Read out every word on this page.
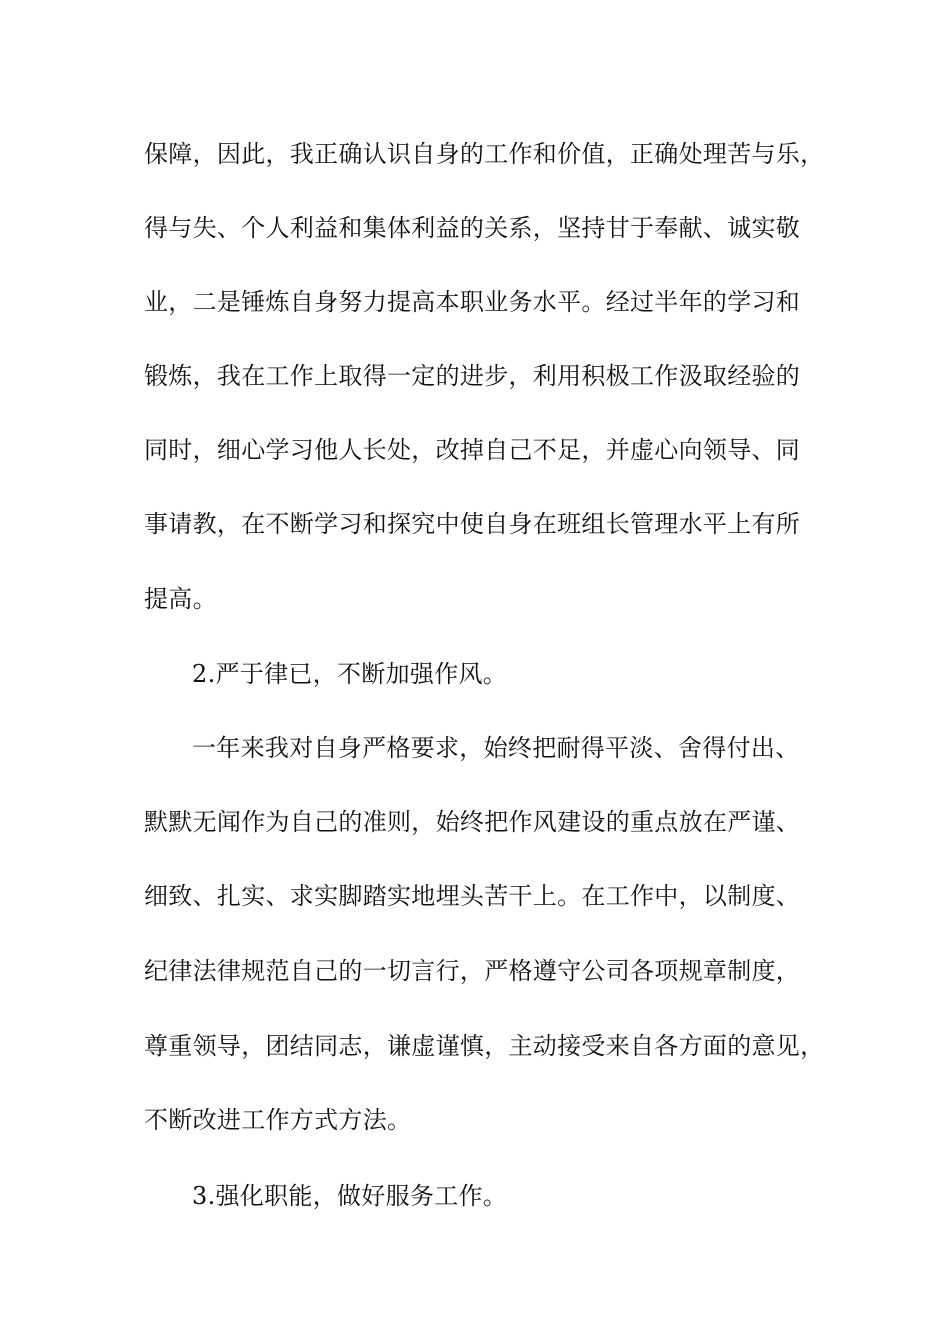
保障，因此，我正确认识自身的工作和价值，正确处理苦与乐，
得与失、个人利益和集体利益的关系，坚持甘于奉献、诚实敬
业，二是锤炼自身努力提高本职业务水平。经过半年的学习和
锻炼，我在工作上取得一定的进步，利用积极工作汲取经验的
同时，细心学习他人长处，改掉自己不足，并虚心向领导、同
事请教，在不断学习和探究中使自身在班组长管理水平上有所
提高。
2.严于律已，不断加强作风。
一年来我对自身严格要求，始终把耐得平淡、舍得付出、
默默无闻作为自己的准则，始终把作风建设的重点放在严谨、
细致、扎实、求实脚踏实地埋头苦干上。在工作中，以制度、
纪律法律规范自己的一切言行，严格遵守公司各项规章制度，
尊重领导，团结同志，谦虚谨慎，主动接受来自各方面的意见，
不断改进工作方式方法。
3.强化职能，做好服务工作。
